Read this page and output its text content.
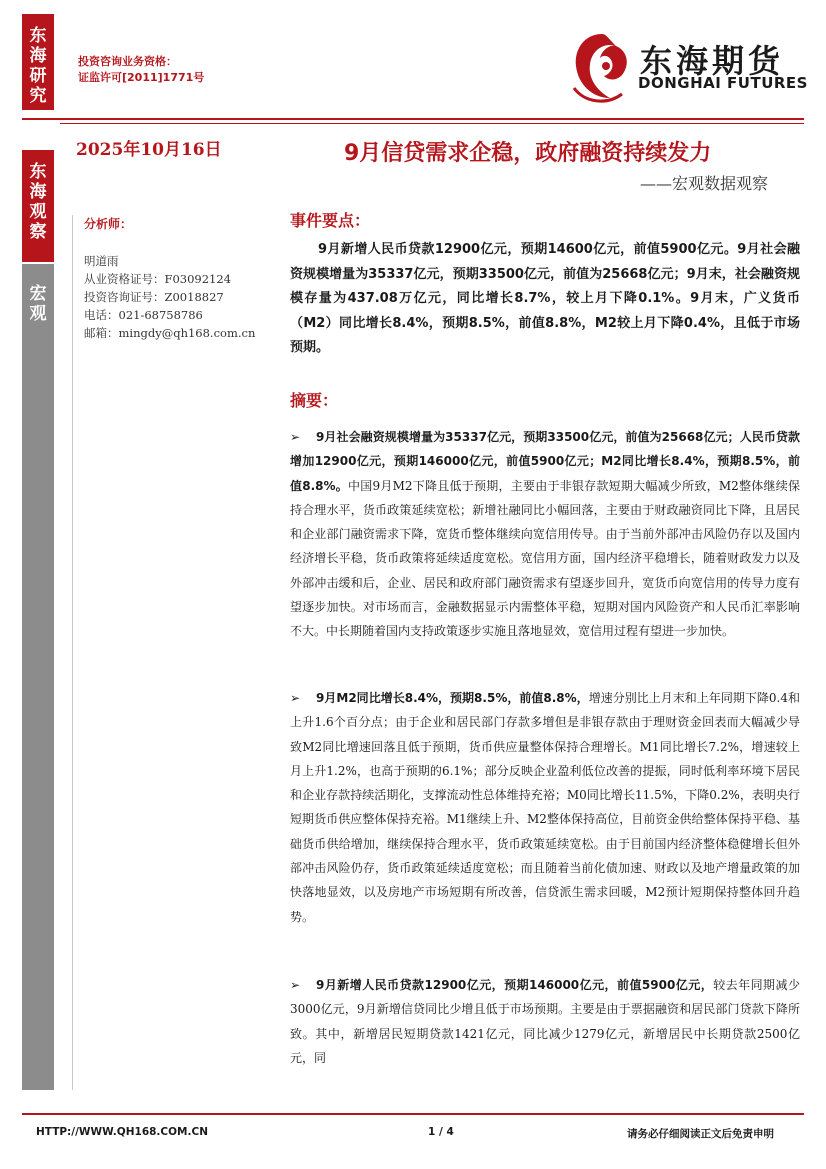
东
海
研
究
东
海
观
察
宏
观
投资咨询业务资格：
证监许可[2011]1771号	东海期货
DONGHAI FUTURES
2025年10月16日	9月信贷需求企稳，政府融资持续发力
——宏观数据观察
分析师：
明道雨
从业资格证号：F03092124
投资咨询证号：Z0018827
电话：021-68758786
邮箱：mingdy@qh168.com.cn
事件要点：

9月新增人民币贷款12900亿元，预期14600亿元，前值5900亿元。9月社会融资规模增量为35337亿元，预期33500亿元，前值为25668亿元；9月末，社会融资规模存量为437.08万亿元，同比增长8.7%，较上月下降0.1%。9月末，广义货币（M2）同比增长8.4%，预期8.5%，前值8.8%，M2较上月下降0.4%，且低于市场预期。

摘要：

➢ 9月社会融资规模增量为35337亿元，预期33500亿元，前值为25668亿元；人民币贷款增加12900亿元，预期146000亿元，前值5900亿元；M2同比增长8.4%，预期8.5%，前值8.8%。中国9月M2下降且低于预期，主要由于非银存款短期大幅减少所致，M2整体继续保持合理水平，货币政策延续宽松；新增社融同比小幅回落，主要由于财政融资同比下降，且居民和企业部门融资需求下降，宽货币整体继续向宽信用传导。由于当前外部冲击风险仍存以及国内经济增长平稳，货币政策将延续适度宽松。宽信用方面，国内经济平稳增长，随着财政发力以及外部冲击缓和后，企业、居民和政府部门融资需求有望逐步回升，宽货币向宽信用的传导力度有望逐步加快。对市场而言，金融数据显示内需整体平稳，短期对国内风险资产和人民币汇率影响不大。中长期随着国内支持政策逐步实施且落地显效，宽信用过程有望进一步加快。

➢ 9月M2同比增长8.4%，预期8.5%，前值8.8%，增速分别比上月末和上年同期下降0.4和上升1.6个百分点；由于企业和居民部门存款多增但是非银存款由于理财资金回表而大幅减少导致M2同比增速回落且低于预期，货币供应量整体保持合理增长。M1同比增长7.2%，增速较上月上升1.2%，也高于预期的6.1%；部分反映企业盈利低位改善的提振，同时低利率环境下居民和企业存款持续活期化，支撑流动性总体维持充裕；M0同比增长11.5%，下降0.2%，表明央行短期货币供应整体保持充裕。M1继续上升、M2整体保持高位，目前资金供给整体保持平稳、基础货币供给增加，继续保持合理水平，货币政策延续宽松。由于目前国内经济整体稳健增长但外部冲击风险仍存，货币政策延续适度宽松；而且随着当前化债加速、财政以及地产增量政策的加快落地显效，以及房地产市场短期有所改善，信贷派生需求回暖，M2预计短期保持整体回升趋势。

➢ 9月新增人民币贷款12900亿元，预期146000亿元，前值5900亿元，较去年同期减少3000亿元，9月新增信贷同比少增且低于市场预期。主要是由于票据融资和居民部门贷款下降所致。其中，新增居民短期贷款1421亿元，同比减少1279亿元，新增居民中长期贷款2500亿元，同

HTTP://WWW.QH168.COM.CN	1 / 4	请务必仔细阅读正文后免责申明
